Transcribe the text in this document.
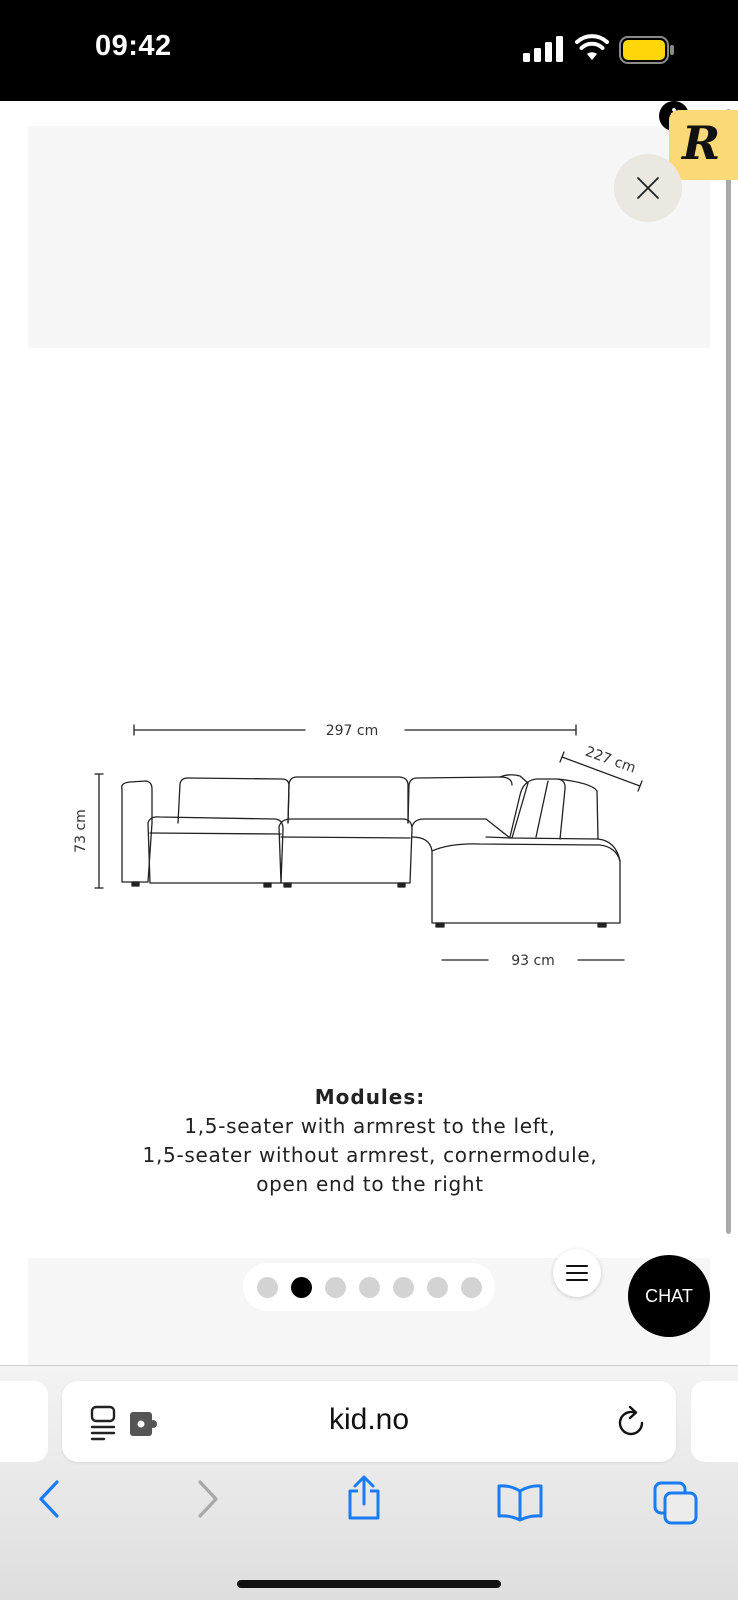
09:42
R
297 cm
227 cm
73 cm
93 cm
Modules:
1,5-seater with armrest to the left,
1,5-seater without armrest, cornermodule,
open end to the right
CHAT
kid.no
